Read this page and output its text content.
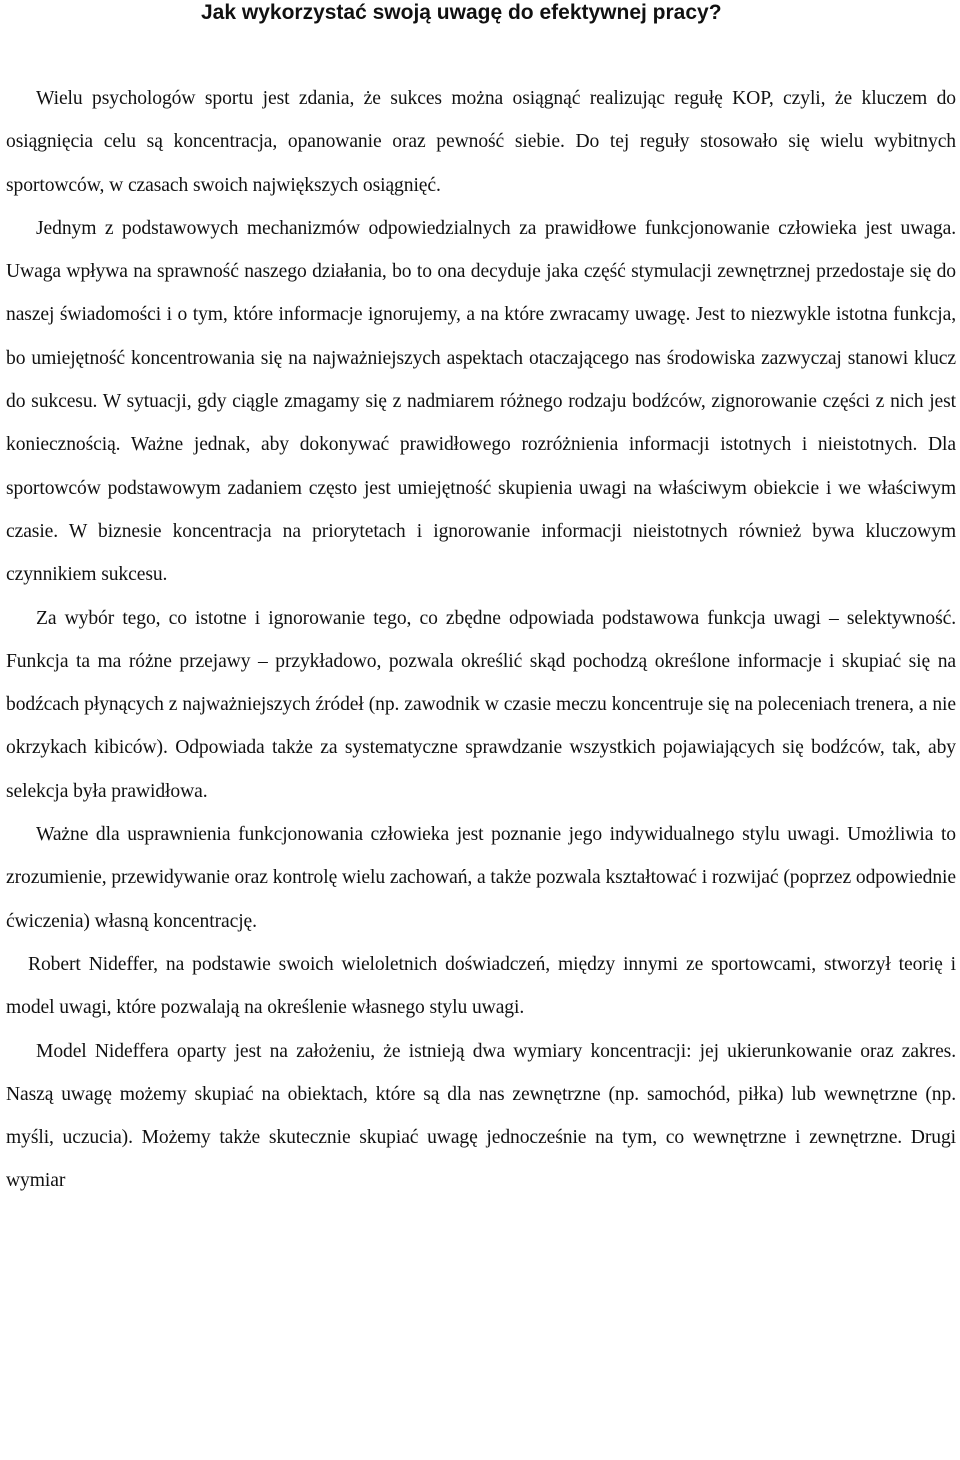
Jak wykorzystać swoją uwagę do efektywnej pracy?

Wielu psychologów sportu jest zdania, że sukces można osiągnąć realizując regułę KOP, czyli, że kluczem do osiągnięcia celu są koncentracja, opanowanie oraz pewność siebie. Do tej reguły stosowało się wielu wybitnych sportowców, w czasach swoich największych osiągnięć.

Jednym z podstawowych mechanizmów odpowiedzialnych za prawidłowe funkcjonowanie człowieka jest uwaga. Uwaga wpływa na sprawność naszego działania, bo to ona decyduje jaka część stymulacji zewnętrznej przedostaje się do naszej świadomości i o tym, które informacje ignorujemy, a na które zwracamy uwagę. Jest to niezwykle istotna funkcja, bo umiejętność koncentrowania się na najważniejszych aspektach otaczającego nas środowiska zazwyczaj stanowi klucz do sukcesu. W sytuacji, gdy ciągle zmagamy się z nadmiarem różnego rodzaju bodźców, zignorowanie części z nich jest koniecznością. Ważne jednak, aby dokonywać prawidłowego rozróżnienia informacji istotnych i nieistotnych. Dla sportowców podstawowym zadaniem często jest umiejętność skupienia uwagi na właściwym obiekcie i we właściwym czasie. W biznesie koncentracja na priorytetach i ignorowanie informacji nieistotnych również bywa kluczowym czynnikiem sukcesu.

Za wybór tego, co istotne i ignorowanie tego, co zbędne odpowiada podstawowa funkcja uwagi – selektywność. Funkcja ta ma różne przejawy – przykładowo, pozwala określić skąd pochodzą określone informacje i skupiać się na bodźcach płynących z najważniejszych źródeł (np. zawodnik w czasie meczu koncentruje się na poleceniach trenera, a nie okrzykach kibiców). Odpowiada także za systematyczne sprawdzanie wszystkich pojawiających się bodźców, tak, aby selekcja była prawidłowa.

Ważne dla usprawnienia funkcjonowania człowieka jest poznanie jego indywidualnego stylu uwagi. Umożliwia to zrozumienie, przewidywanie oraz kontrolę wielu zachowań, a także pozwala kształtować i rozwijać (poprzez odpowiednie ćwiczenia) własną koncentrację.

Robert Nideffer, na podstawie swoich wieloletnich doświadczeń, między innymi ze sportowcami, stworzył teorię i model uwagi, które pozwalają na określenie własnego stylu uwagi.

Model Nideffera oparty jest na założeniu, że istnieją dwa wymiary koncentracji: jej ukierunkowanie oraz zakres. Naszą uwagę możemy skupiać na obiektach, które są dla nas zewnętrzne (np. samochód, piłka) lub wewnętrzne (np. myśli, uczucia). Możemy także skutecznie skupiać uwagę jednocześnie na tym, co wewnętrzne i zewnętrzne. Drugi wymiar
